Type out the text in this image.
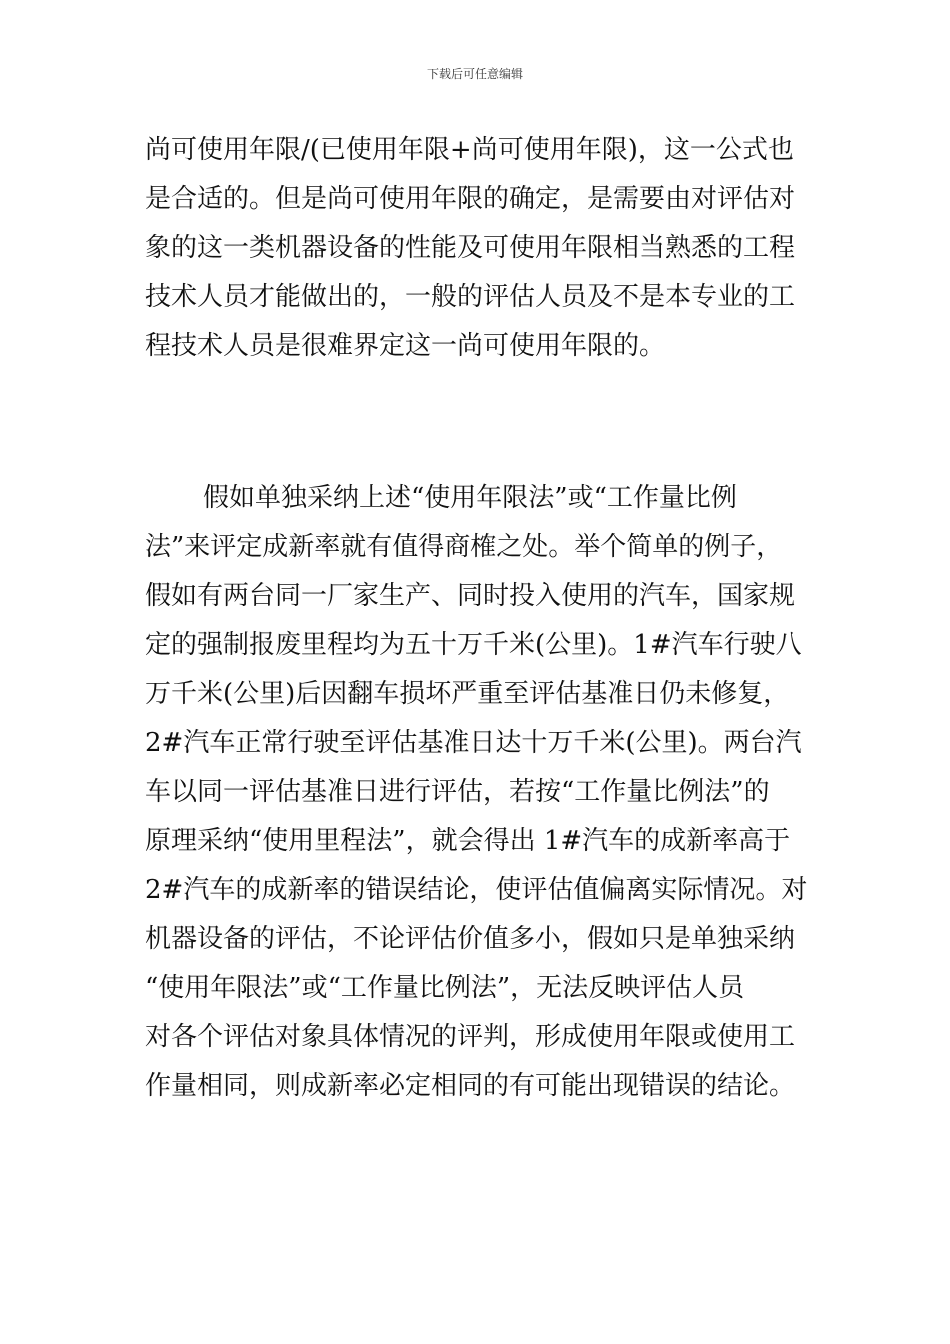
下载后可任意编辑
尚可使用年限/(已使用年限+尚可使用年限)，这一公式也
是合适的。但是尚可使用年限的确定，是需要由对评估对
象的这一类机器设备的性能及可使用年限相当熟悉的工程
技术人员才能做出的，一般的评估人员及不是本专业的工
程技术人员是很难界定这一尚可使用年限的。
假如单独采纳上述“使用年限法”或“工作量比例
法”来评定成新率就有值得商榷之处。举个简单的例子，
假如有两台同一厂家生产、同时投入使用的汽车，国家规
定的强制报废里程均为五十万千米(公里)。1#汽车行驶八
万千米(公里)后因翻车损坏严重至评估基准日仍未修复，
2#汽车正常行驶至评估基准日达十万千米(公里)。两台汽
车以同一评估基准日进行评估，若按“工作量比例法”的
原理采纳“使用里程法”，就会得出 1#汽车的成新率高于
2#汽车的成新率的错误结论，使评估值偏离实际情况。对
机器设备的评估，不论评估价值多小，假如只是单独采纳
“使用年限法”或“工作量比例法”，无法反映评估人员
对各个评估对象具体情况的评判，形成使用年限或使用工
作量相同，则成新率必定相同的有可能出现错误的结论。
